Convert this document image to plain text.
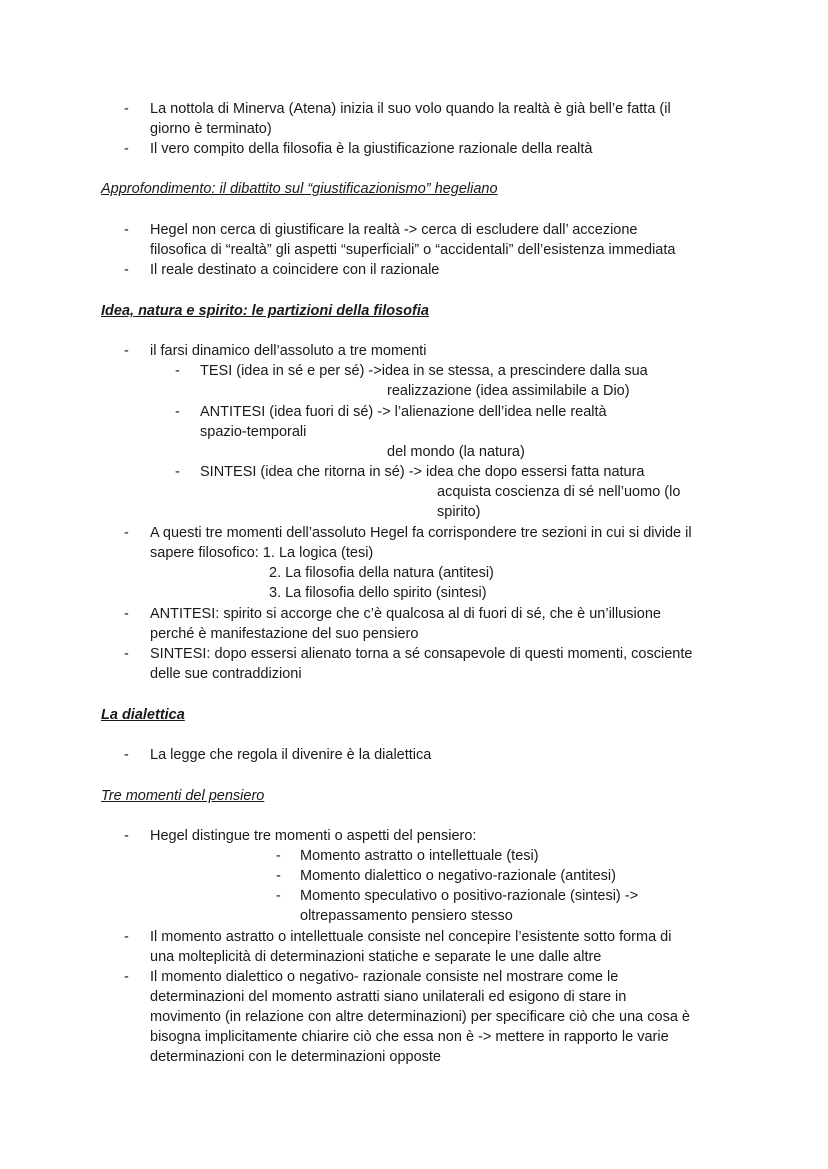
- La nottola di Minerva (Atena) inizia il suo volo quando la realtà è già bell’e fatta (il
giorno è terminato)
- Il vero compito della filosofia è la giustificazione razionale della realtà
Approfondimento: il dibattito sul “giustificazionismo” hegeliano
- Hegel non cerca di giustificare la realtà -> cerca di escludere dall’ accezione
filosofica di “realtà” gli aspetti “superficiali” o “accidentali” dell’esistenza immediata
- Il reale destinato a coincidere con il razionale
Idea, natura e spirito: le partizioni della filosofia
- il farsi dinamico dell’assoluto a tre momenti
- TESI (idea in sé e per sé) ->idea in se stessa, a prescindere dalla sua
realizzazione (idea assimilabile a Dio)
- ANTITESI (idea fuori di sé) -> l’alienazione dell’idea nelle realtà
spazio-temporali
del mondo (la natura)
- SINTESI (idea che ritorna in sé) -> idea che dopo essersi fatta natura
acquista coscienza di sé nell’uomo (lo
spirito)
- A questi tre momenti dell’assoluto Hegel fa corrispondere tre sezioni in cui si divide il
sapere filosofico: 1. La logica (tesi)
2. La filosofia della natura (antitesi)
3. La filosofia dello spirito (sintesi)
- ANTITESI: spirito si accorge che c’è qualcosa al di fuori di sé, che è un’illusione
perché è manifestazione del suo pensiero
- SINTESI: dopo essersi alienato torna a sé consapevole di questi momenti, cosciente
delle sue contraddizioni
La dialettica
- La legge che regola il divenire è la dialettica
Tre momenti del pensiero
- Hegel distingue tre momenti o aspetti del pensiero:
- Momento astratto o intellettuale (tesi)
- Momento dialettico o negativo-razionale (antitesi)
- Momento speculativo o positivo-razionale (sintesi) ->
oltrepassamento pensiero stesso
- Il momento astratto o intellettuale consiste nel concepire l’esistente sotto forma di
una molteplicità di determinazioni statiche e separate le une dalle altre
- Il momento dialettico o negativo- razionale consiste nel mostrare come le
determinazioni del momento astratti siano unilaterali ed esigono di stare in
movimento (in relazione con altre determinazioni) per specificare ciò che una cosa è
bisogna implicitamente chiarire ciò che essa non è -> mettere in rapporto le varie
determinazioni con le determinazioni opposte
